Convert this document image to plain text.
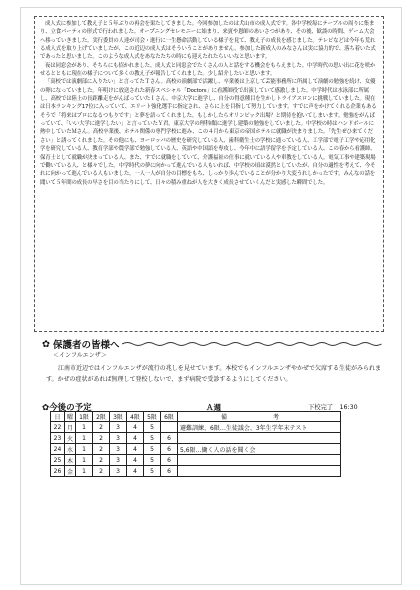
成人式に参加して教え子と５年ぶりの再会を果たしてきました。今回参加したのは犬山市の成人式です。各中学校毎にテーブルの周りに集まり、立食パーティの形式で行われました。オープニングセレモニーに始まり、来賓や恩師のあいさつがあり、その後、歓談の時間、ゲーム大会へ移っていきました。実行委員の人達が司会・進行に一生懸命活動している様子を見て、教え子の成長を感じました。テレビなどは今年も荒れる成人式を取り上げていましたが、この近辺の成人式はそういうことがありません。参加した新成人のみなさんは実に協力的で、落ち着いた式であったと思いました。このような成人式をあなたたちの時にも迎えたれたらいいなと思います。

夜は同窓会があり、そちらにも招かれました。成人式と同窓会でたくさんの人と話をする機会をもらえました。中学時代の思い出に花を咲かせるとともに現在の様子について多くの教え子が報告してくれました。少し紹介したいと思います。

「高校では演劇部に入りたい」と言ってたＴさん。高校の演劇部で活躍し、卒業後は上京して芸能事務所に所属して演劇の勉強を続け、女優の卵になっていました。年明けに放送された新春スペシャル「Doctors」に看護師役で出演していて感激しました。中学時代は水泳部に所属し、高校では陸上の長距離走をがんばっていたＩさん。中京大学に進学し、自分の得意種目を生かしトライアスロンに挑戦していました。現在は日本ランキング17位に入っていて、エリート強化選手に指定され、さらに上を目指して努力しています。すでに声をかけてくれる企業もあるそうで「将来はプロになるつもりです」と夢を語ってくれました。もしかしたらオリンピック出場？と期待を抱いてしまいます。勉強をがんばっていて、「いい大学に進学したい」と言っていたＹ君。東京大学の理科Ⅰ類に進学し建築の勉強をしていました。中学校の時はハンドボールに熱中していたＭさん。高校卒業後、ホテル関係の専門学校に進み、この４月から東京の帝国ホテルに就職が決まりました。「先生ぜひ来てください」と誘ってくれました。その他にも、ヨーロッパの歴史を研究している人、歯科衛生士の学校に通っている人、工学部で電子工学や応用化学を研究している人、教育学部や農学部で勉強している人、英語や中国語を専攻し、今年中に語学留学を予定している人、この春から看護師、保育士として就職が決まっている人、また、すでに就職をしていて、介護福祉の仕事に就いている人や車教をしている人。電気工事や建築現場で働いている人、と様々でした。中学時代の夢に向かって進んでいる人もいれば、中学校の頃は漠然としていたが、自分の適性を考えて、今それに向かって進んでいる人もいました。一人一人が自分の目標をもち、しっかり歩んでいることが分かり大変うれしかったです。みんなの話を聞いて５年間の成長の早さを目の当たりにして、日々の積み重ねが人を大きく成長させていくんだと実感した瞬間でした。

✿ 保護者の皆様へ
＜インフルエンザ＞

江南市近辺ではインフルエンザが流行の兆しを見せています。本校でもインフルエンザやかぜで欠席する生徒がみられます。かぜの症状があれば無理して登校しないで、まず病院で受診するようにしてください。

✿今後の予定	Ａ週	下校完了　16:30
日	曜	1限	2限	3限	4限	5限	6限	備　考
22	月	1	2	3	4	5		避難訓練、6限…生徒議会、3年生学年末テスト
23	火	1	2	3	4	5	6	
24	水	1	2	3	4	5	6	5,6限…働く人の話を聞く会
25	木	1	2	3	4	5	6	
26	金	1	2	3	4	5	6	
